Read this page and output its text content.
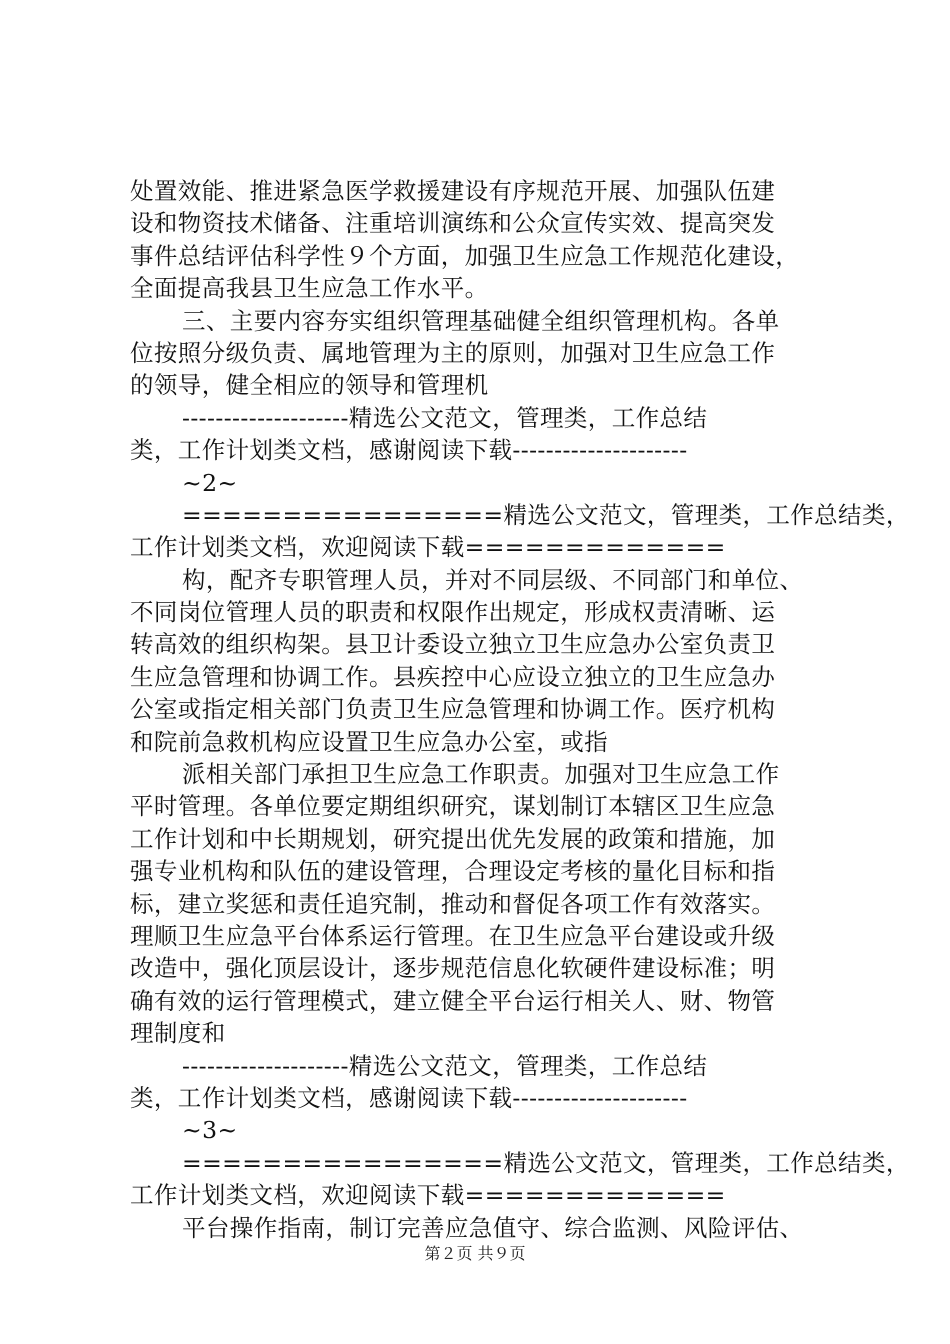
处置效能、推进紧急医学救援建设有序规范开展、加强队伍建
设和物资技术储备、注重培训演练和公众宣传实效、提高突发
事件总结评估科学性９个方面，加强卫生应急工作规范化建设，
全面提高我县卫生应急工作水平。
三、主要内容夯实组织管理基础健全组织管理机构。各单
位按照分级负责、属地管理为主的原则，加强对卫生应急工作
的领导，健全相应的领导和管理机
--------------------精选公文范文，管理类，工作总结
类，工作计划类文档，感谢阅读下载---------------------
~2~
================精选公文范文，管理类，工作总结类，
工作计划类文档，欢迎阅读下载=============
构，配齐专职管理人员，并对不同层级、不同部门和单位、
不同岗位管理人员的职责和权限作出规定，形成权责清晰、运
转高效的组织构架。县卫计委设立独立卫生应急办公室负责卫
生应急管理和协调工作。县疾控中心应设立独立的卫生应急办
公室或指定相关部门负责卫生应急管理和协调工作。医疗机构
和院前急救机构应设置卫生应急办公室，或指
派相关部门承担卫生应急工作职责。加强对卫生应急工作
平时管理。各单位要定期组织研究，谋划制订本辖区卫生应急
工作计划和中长期规划，研究提出优先发展的政策和措施，加
强专业机构和队伍的建设管理，合理设定考核的量化目标和指
标，建立奖惩和责任追究制，推动和督促各项工作有效落实。
理顺卫生应急平台体系运行管理。在卫生应急平台建设或升级
改造中，强化顶层设计，逐步规范信息化软硬件建设标准；明
确有效的运行管理模式，建立健全平台运行相关人、财、物管
理制度和
--------------------精选公文范文，管理类，工作总结
类，工作计划类文档，感谢阅读下载---------------------
~3~
================精选公文范文，管理类，工作总结类，
工作计划类文档，欢迎阅读下载=============
平台操作指南，制订完善应急值守、综合监测、风险评估、
第２页 共９页
